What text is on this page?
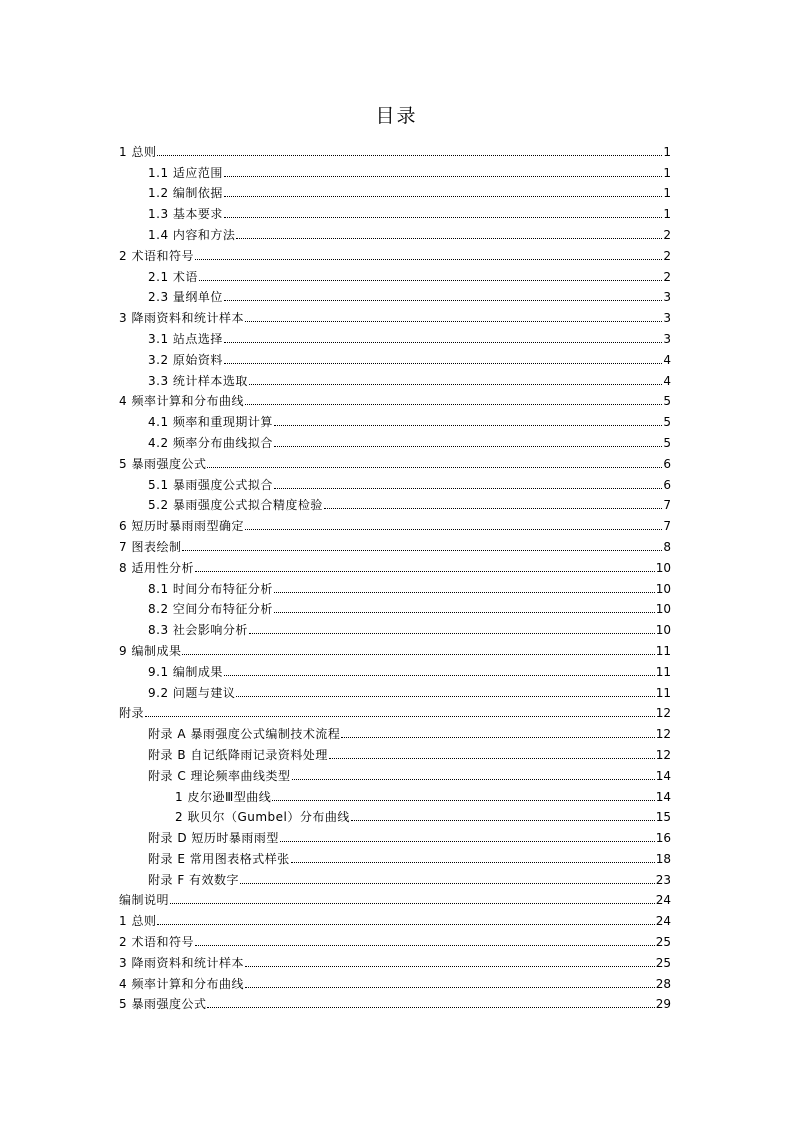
目录
1 总则	1
1.1 适应范围	1
1.2 编制依据	1
1.3 基本要求	1
1.4 内容和方法	2
2 术语和符号	2
2.1 术语	2
2.3 量纲单位	3
3 降雨资料和统计样本	3
3.1 站点选择	3
3.2 原始资料	4
3.3 统计样本选取	4
4 频率计算和分布曲线	5
4.1 频率和重现期计算	5
4.2 频率分布曲线拟合	5
5 暴雨强度公式	6
5.1 暴雨强度公式拟合	6
5.2 暴雨强度公式拟合精度检验	7
6 短历时暴雨雨型确定	7
7 图表绘制	8
8 适用性分析	10
8.1 时间分布特征分析	10
8.2 空间分布特征分析	10
8.3 社会影响分析	10
9 编制成果	11
9.1 编制成果	11
9.2 问题与建议	11
附录	12
附录 A 暴雨强度公式编制技术流程	12
附录 B 自记纸降雨记录资料处理	12
附录 C 理论频率曲线类型	14
1 皮尔逊Ⅲ型曲线	14
2 耿贝尔（Gumbel）分布曲线	15
附录 D 短历时暴雨雨型	16
附录 E 常用图表格式样张	18
附录 F 有效数字	23
编制说明	24
1 总则	24
2 术语和符号	25
3 降雨资料和统计样本	25
4 频率计算和分布曲线	28
5 暴雨强度公式	29
